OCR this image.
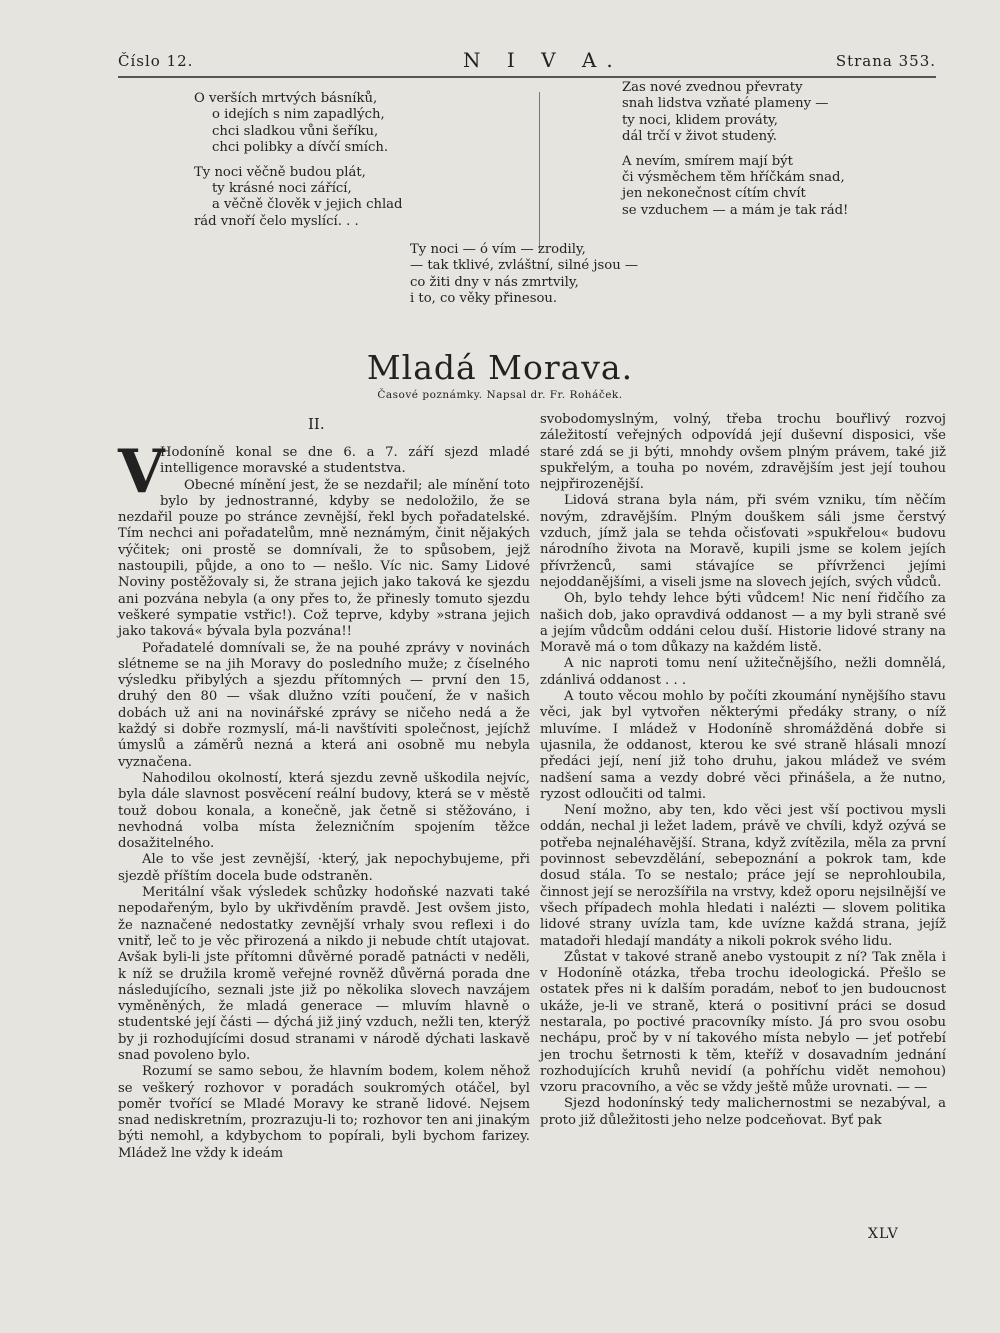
Číslo 12.	N I V A.	Strana 353.
O verších mrtvých básníků,
o idejích s nim zapadlých,
chci sladkou vůni šeříku,
chci polibky a dívčí smích.
Ty noci věčně budou plát,
ty krásné noci zářící,
a věčně člověk v jejich chlad
rád vnoří čelo myslící. . .
Ty noci — ó vím — zrodily,
— tak tklivé, zvláštní, silné jsou —
co žiti dny v nás zmrtvily,
i to, co věky přinesou.
Zas nové zvednou převraty
snah lidstva vzňaté plameny —
ty noci, klidem prováty,
dál trčí v život studený.
A nevím, smírem mají být
či výsměchem těm hříčkám snad,
jen nekonečnost cítím chvít
se vzduchem — a mám je tak rád!
Mladá Morava.
Časové poznámky. Napsal dr. Fr. Roháček.
II.

V
Hodoníně konal se dne 6. a 7. září sjezd mladé intelligence moravské a studentstva.

Obecné mínění jest, že se nezdařil; ale mínění toto bylo by jednostranné, kdyby se nedoložilo, že se nezdařil pouze po stránce zevnější, řekl bych pořadatelské. Tím nechci ani pořadatelům, mně neznámým, činit nějakých výčitek; oni prostě se domnívali, že to spůsobem, jejž nastoupili, půjde, a ono to — nešlo. Víc nic. Samy Lidové Noviny postěžovaly si, že strana jejich jako taková ke sjezdu ani pozvána nebyla (a ony přes to, že přinesly tomuto sjezdu veškeré sympatie vstřic!). Což teprve, kdyby »strana jejich jako taková« bývala byla pozvána!!

Pořadatelé domnívali se, že na pouhé zprávy v novinách slétneme se na jih Moravy do posledního muže; z číselného výsledku přibylých a sjezdu přítomných — první den 15, druhý den 80 — však dlužno vzíti poučení, že v našich dobách už ani na novinářské zprávy se ničeho nedá a že každý si dobře rozmyslí, má-li navštíviti společnost, jejíchž úmyslů a záměrů nezná a která ani osobně mu nebyla vyznačena.

Nahodilou okolností, která sjezdu zevně uškodila nejvíc, byla dále slavnost posvěcení reální budovy, která se v městě touž dobou konala, a konečně, jak četně si stěžováno, i nevhodná volba místa železničním spojením těžce dosažitelného.

Ale to vše jest zevnější, ·který, jak nepochybujeme, při sjezdě příštím docela bude odstraněn.

Meritální však výsledek schůzky hodoňské nazvati také nepodařeným, bylo by ukřivděním pravdě. Jest ovšem jisto, že naznačené nedostatky zevnější vrhaly svou reflexi i do vnitř, leč to je věc přirozená a nikdo ji nebude chtít utajovat. Avšak byli-li jste přítomni důvěrné poradě patnácti v neděli, k níž se družila kromě veřejné rovněž důvěrná porada dne následujícího, seznali jste již po několika slovech navzájem vyměněných, že mladá generace — mluvím hlavně o studentské její části — dýchá již jiný vzduch, nežli ten, kterýž by ji rozhodujícími dosud stranami v národě dýchati laskavě snad povoleno bylo.

Rozumí se samo sebou, že hlavním bodem, kolem něhož se veškerý rozhovor v poradách soukromých otáčel, byl poměr tvořící se Mladé Moravy ke straně lidové. Nejsem snad nediskretním, prozrazuju-li to; rozhovor ten ani jinakým býti nemohl, a kdybychom to popírali, byli bychom farizey. Mládež lne vždy k ideám

svobodomyslným, volný, třeba trochu bouřlivý rozvoj záležitostí veřejných odpovídá její duševní disposici, vše staré zdá se ji býti, mnohdy ovšem plným právem, také již spukřelým, a touha po novém, zdravějším jest její touhou nejpřirozenější.

Lidová strana byla nám, při svém vzniku, tím něčím novým, zdravějším. Plným douškem sáli jsme čerstvý vzduch, jímž jala se tehda očisťovati »spukřelou« budovu národního života na Moravě, kupili jsme se kolem jejích přívrženců, sami stávajíce se přívrženci jejími nejoddanějšími, a viseli jsme na slovech jejích, svých vůdců.

Oh, bylo tehdy lehce býti vůdcem! Nic není řidčího za našich dob, jako opravdivá oddanost — a my byli straně své a jejím vůdcům oddáni celou duší. Historie lidové strany na Moravě má o tom důkazy na každém listě.

A nic naproti tomu není užitečnějšího, nežli domnělá, zdánlivá oddanost . . .

A touto věcou mohlo by počíti zkoumání nynějšího stavu věci, jak byl vytvořen některými předáky strany, o níž mluvíme. I mládež v Hodoníně shromážděná dobře si ujasnila, že oddanost, kterou ke své straně hlásali mnozí předáci její, není již toho druhu, jakou mládež ve svém nadšení sama a vezdy dobré věci přinášela, a že nutno, ryzost odloučiti od talmi.

Není možno, aby ten, kdo věci jest vší poctivou mysli oddán, nechal ji ležet ladem, právě ve chvíli, když ozývá se potřeba nejnaléhavější. Strana, když zvítězila, měla za první povinnost sebevzdělání, sebepoznání a pokrok tam, kde dosud stála. To se nestalo; práce její se neprohloubila, činnost její se nerozšířila na vrstvy, kdež oporu nejsilnější ve všech případech mohla hledati i nalézti — slovem politika lidové strany uvízla tam, kde uvízne každá strana, jejíž matadoři hledají mandáty a nikoli pokrok svého lidu.

Zůstat v takové straně anebo vystoupit z ní? Tak zněla i v Hodoníně otázka, třeba trochu ideologická. Přešlo se ostatek přes ni k dalším poradám, neboť to jen budoucnost ukáže, je-li ve straně, která o positivní práci se dosud nestarala, po poctivé pracovníky místo. Já pro svou osobu nechápu, proč by v ní takového místa nebylo — jeť potřebí jen trochu šetrnosti k těm, kteříž v dosavadním jednání rozhodujících kruhů nevidí (a pohříchu vidět nemohou) vzoru pracovního, a věc se vždy ještě může urovnati. — —

Sjezd hodonínský tedy malichernostmi se nezabýval, a proto již důležitosti jeho nelze podceňovat. Byť pak

XLV
